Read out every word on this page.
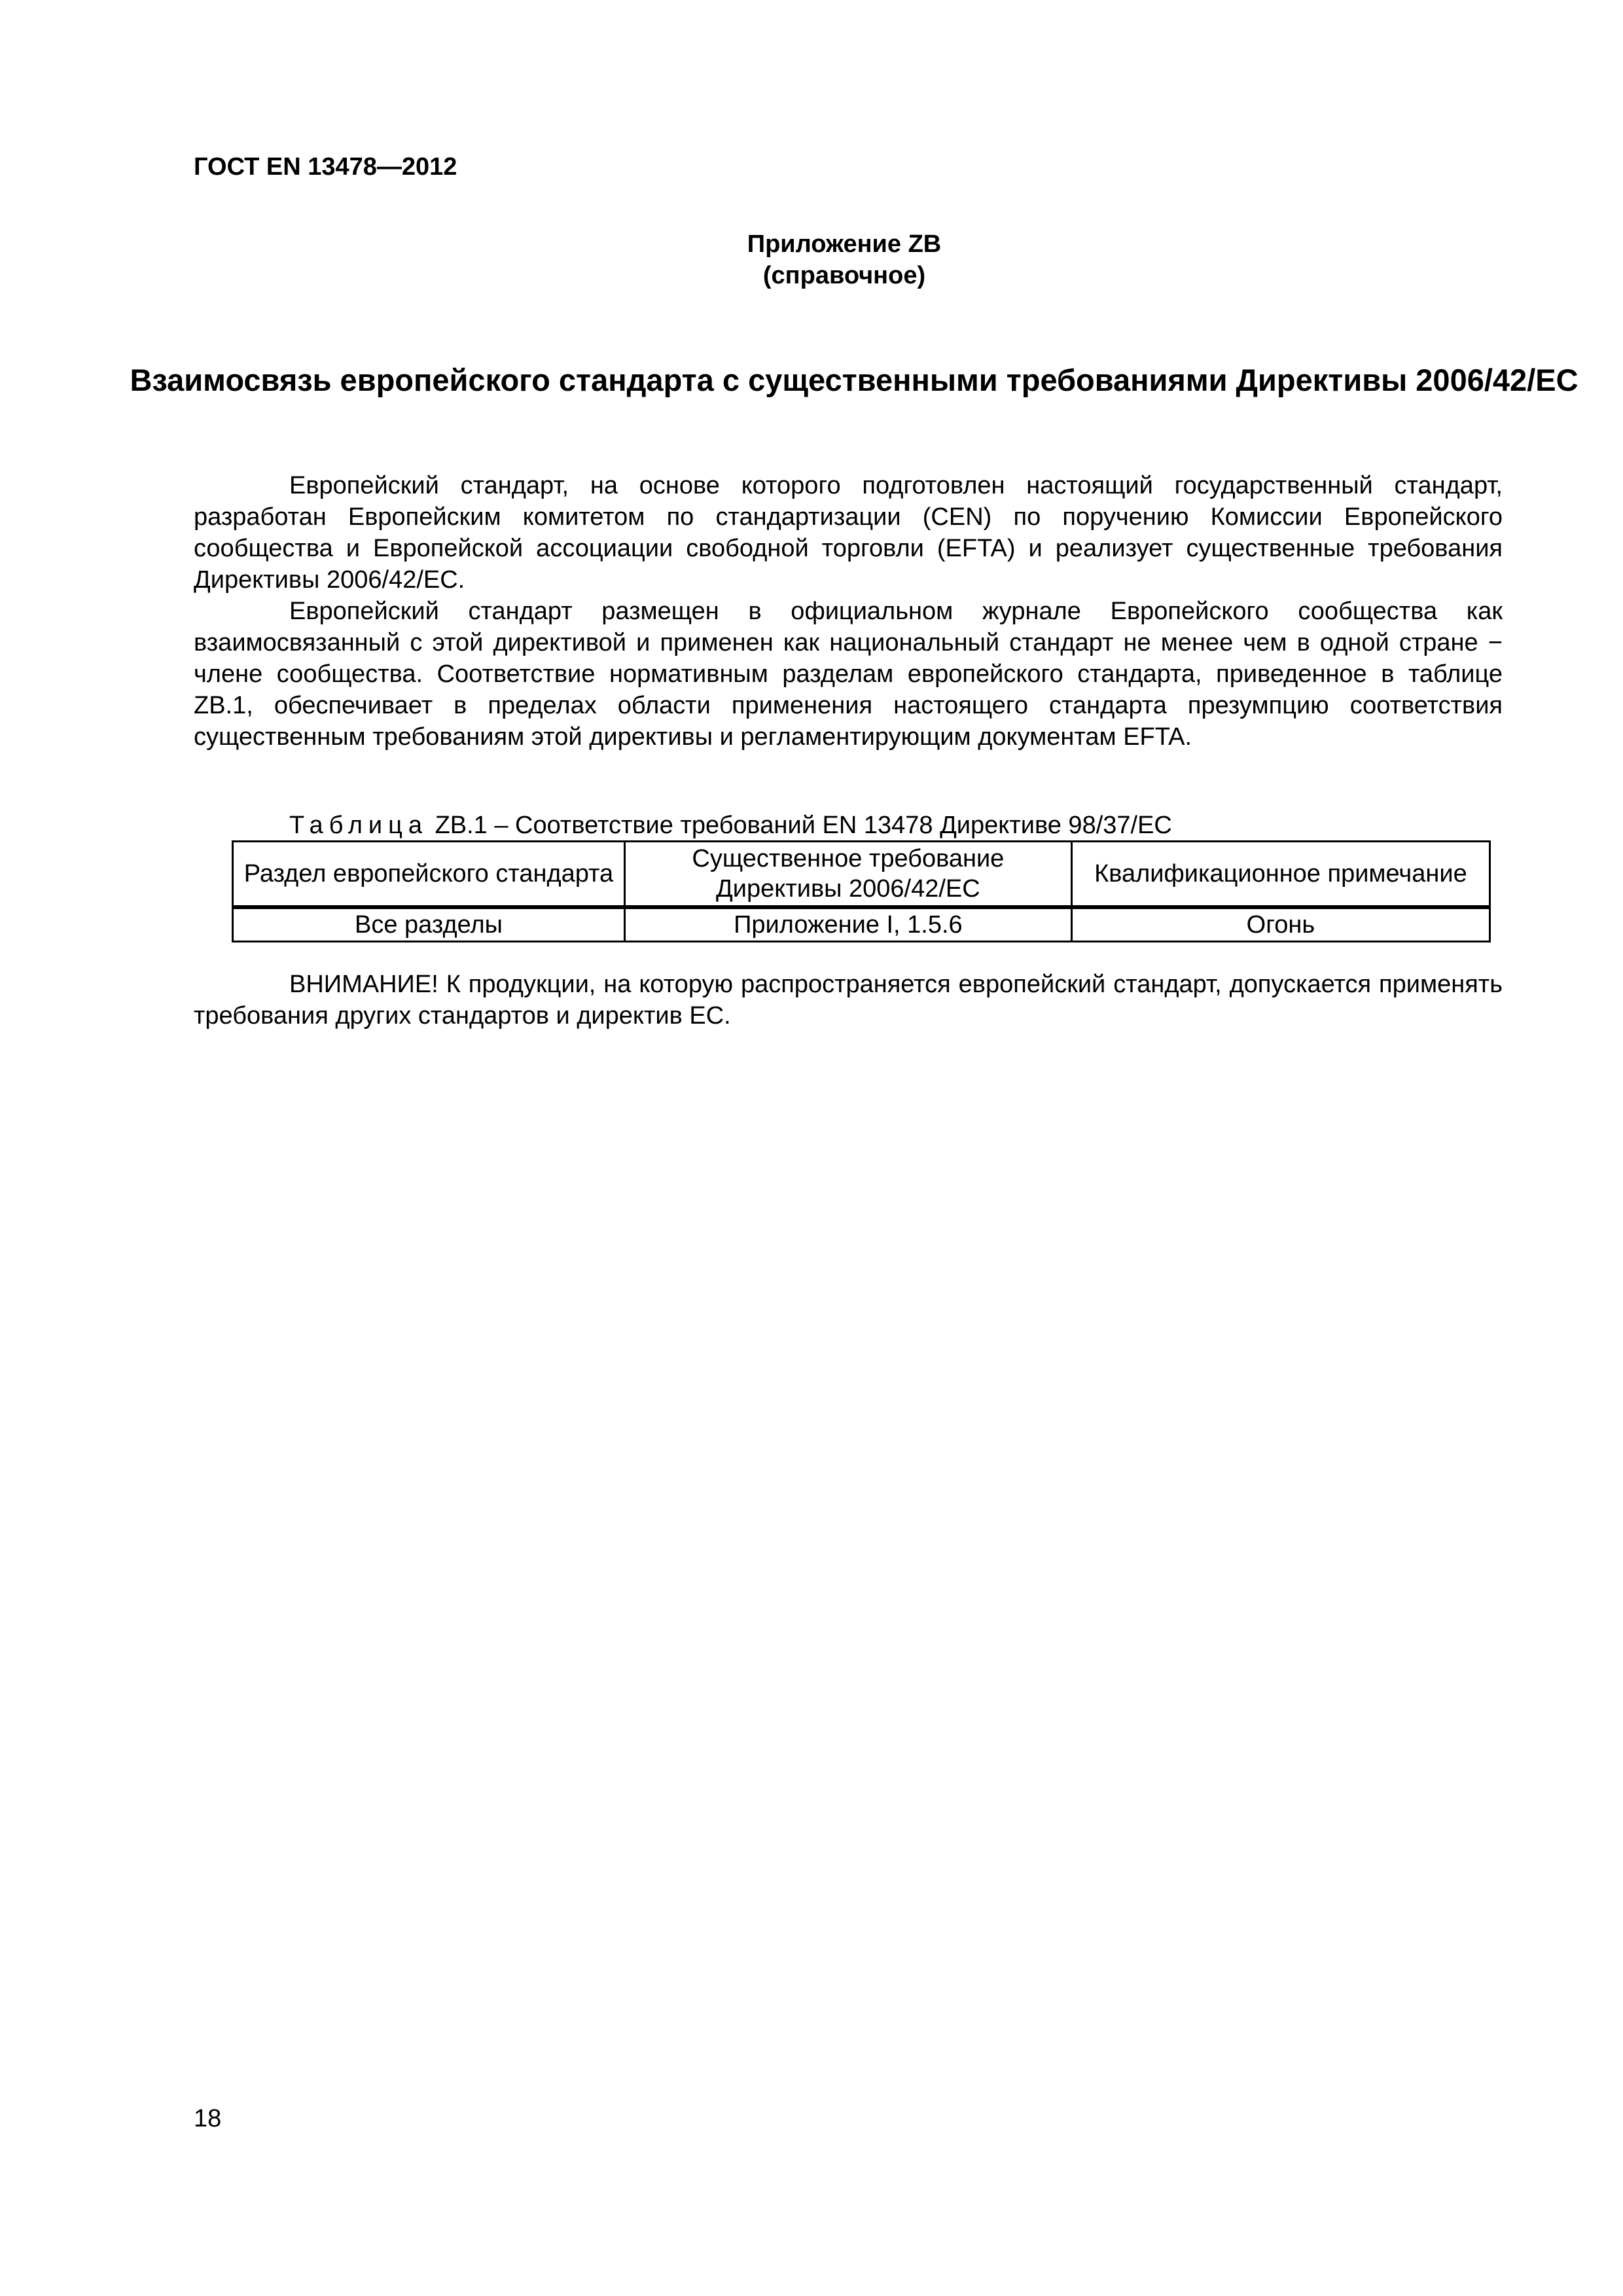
ГОСТ EN 13478—2012
Приложение ZB
(справочное)
Взаимосвязь европейского стандарта с существенными требованиями Директивы 2006/42/ЕС

Европейский стандарт, на основе которого подготовлен настоящий государственный стандарт, разработан Европейским комитетом по стандартизации (CEN) по поручению Комиссии Европейского сообщества и Европейской ассоциации свободной торговли (EFTA) и реализует существенные требования Директивы 2006/42/ЕС.

Европейский стандарт размещен в официальном журнале Европейского сообщества как взаимосвязанный с этой директивой и применен как национальный стандарт не менее чем в одной стране − члене сообщества. Соответствие нормативным разделам европейского стандарта, приведенное в таблице ZB.1, обеспечивает в пределах области применения настоящего стандарта презумпцию соответствия существенным требованиям этой директивы и регламентирующим документам EFTA.

Таблица ZB.1 – Соответствие требований EN 13478 Директиве 98/37/ЕС
Раздел европейского стандарта	Существенное требование Директивы 2006/42/ЕС	Квалификационное примечание
Все разделы	Приложение I, 1.5.6	Огонь

ВНИМАНИЕ! К продукции, на которую распространяется европейский стандарт, допускается применять требования других стандартов и директив ЕС.

18
